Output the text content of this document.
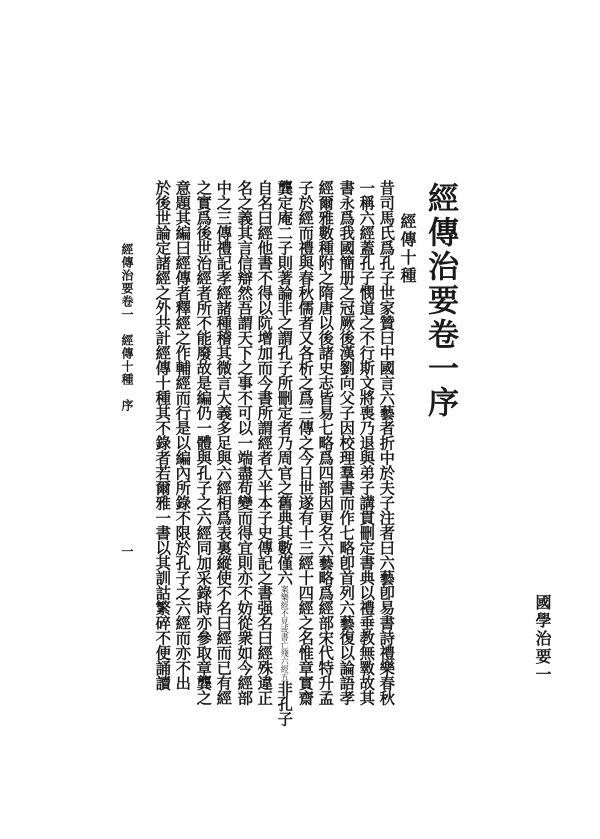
經傳治要卷一序
國學治要一
經傳十種
昔司馬氏爲孔子世家贊曰中國言六藝者折中於夫子注者曰六藝卽易書詩禮樂春秋
一稱六經蓋孔子憫道之不行斯文將喪乃退與弟子講貫刪定書典以禮垂教無斁故其
書永爲我國簡册之冠厥後漢劉向父子因校理羣書而作七略卽首列六藝復以論語孝
經爾雅數種附之隋唐以後諸史志皆易七略爲四部因更名六藝略爲經部宋代特升孟
子於經而禮與春秋儒者又各析之爲三傳之今日世遂有十三經十四經之名惟章實齋
龔定庵二子則著論非之謂孔子所刪定者乃周官之舊典其數僅六案樂經不見或書亡殘六經五非孔子
自名曰經他書不得以阬增加而今書所謂經者大半本子史傳記之書强名曰經殊違正
名之義其言信辯然吾謂天下之事不可以一端盡苟變而得宜則亦不妨從衆如今經部
中之三傳禮記孝經諸種稽其微言大義多足與六經相爲表裏縱使不名曰經而已有經
之實爲後世治經者所不能廢故是編仍一體與孔子之六經同加采錄時亦參取章龔之
意題其編曰經傳者釋經之作輔經而行是以編內所錄不限於孔子之六經而亦不出
於後世論定諸經之外共計經傳十種其不錄者若爾雅一書以其訓詁繁碎不便誦讀
經傳治要卷一　經傳十種　序
一
